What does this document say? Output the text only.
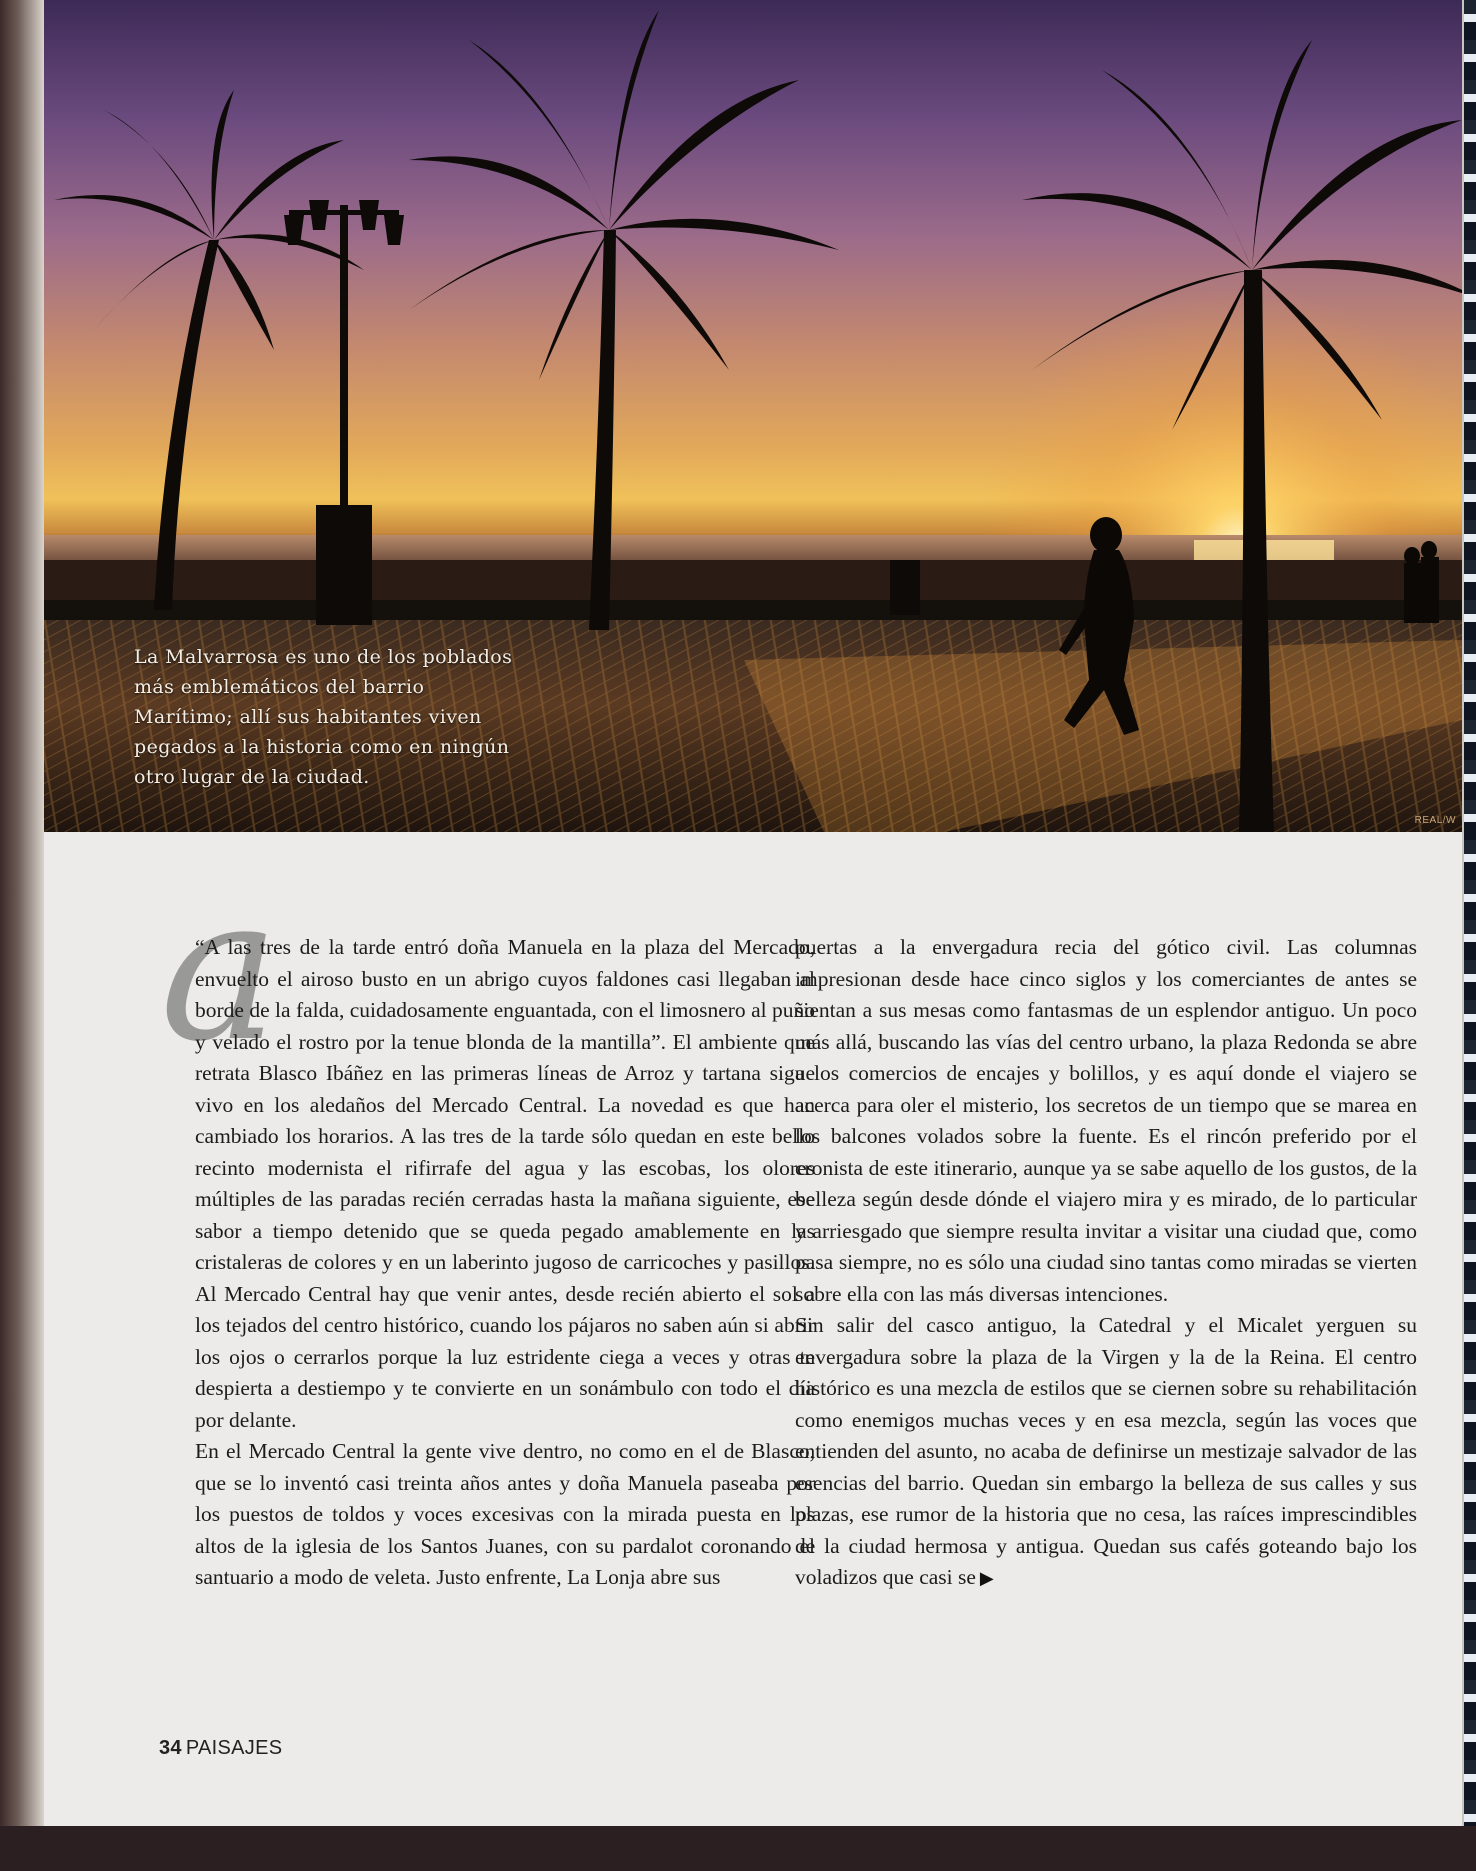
La Malvarrosa es uno de los poblados más emblemáticos del barrio Marítimo; allí sus habitantes viven pegados a la historia como en ningún otro lugar de la ciudad.
REAL/W
a

“A las tres de la tarde entró doña Manuela en la plaza del Mercado, envuelto el airoso busto en un abrigo cuyos faldones casi llegaban al borde de la falda, cuidadosamente enguantada, con el limosnero al puño y velado el rostro por la tenue blonda de la mantilla”. El ambiente que retrata Blasco Ibáñez en las primeras líneas de Arroz y tartana sigue vivo en los aledaños del Mercado Central. La novedad es que han cambiado los horarios. A las tres de la tarde sólo quedan en este bello recinto modernista el rifirrafe del agua y las escobas, los olores múltiples de las paradas recién cerradas hasta la mañana siguiente, ese sabor a tiempo detenido que se queda pegado amablemente en las cristaleras de colores y en un laberinto jugoso de carricoches y pasillos. Al Mercado Central hay que venir antes, desde recién abierto el sol a los tejados del centro histórico, cuando los pájaros no saben aún si abrir los ojos o cerrarlos porque la luz estridente ciega a veces y otras te despierta a destiempo y te convierte en un sonámbulo con todo el día por delante.

En el Mercado Central la gente vive dentro, no como en el de Blasco, que se lo inventó casi treinta años antes y doña Manuela paseaba por los puestos de toldos y voces excesivas con la mirada puesta en los altos de la iglesia de los Santos Juanes, con su pardalot coronando el santuario a modo de veleta. Justo enfrente, La Lonja abre sus

puertas a la envergadura recia del gótico civil. Las columnas impresionan desde hace cinco siglos y los comerciantes de antes se sientan a sus mesas como fantasmas de un esplendor antiguo. Un poco más allá, buscando las vías del centro urbano, la plaza Redonda se abre a los comercios de encajes y bolillos, y es aquí donde el viajero se acerca para oler el misterio, los secretos de un tiempo que se marea en los balcones volados sobre la fuente. Es el rincón preferido por el cronista de este itinerario, aunque ya se sabe aquello de los gustos, de la belleza según desde dónde el viajero mira y es mirado, de lo particular y arriesgado que siempre resulta invitar a visitar una ciudad que, como pasa siempre, no es sólo una ciudad sino tantas como miradas se vierten sobre ella con las más diversas intenciones.

Sin salir del casco antiguo, la Catedral y el Micalet yerguen su envergadura sobre la plaza de la Virgen y la de la Reina. El centro histórico es una mezcla de estilos que se ciernen sobre su rehabilitación como enemigos muchas veces y en esa mezcla, según las voces que entienden del asunto, no acaba de definirse un mestizaje salvador de las esencias del barrio. Quedan sin embargo la belleza de sus calles y sus plazas, ese rumor de la historia que no cesa, las raíces imprescindibles de la ciudad hermosa y antigua. Quedan sus cafés goteando bajo los voladizos que casi se ▶

34 PAISAJES
